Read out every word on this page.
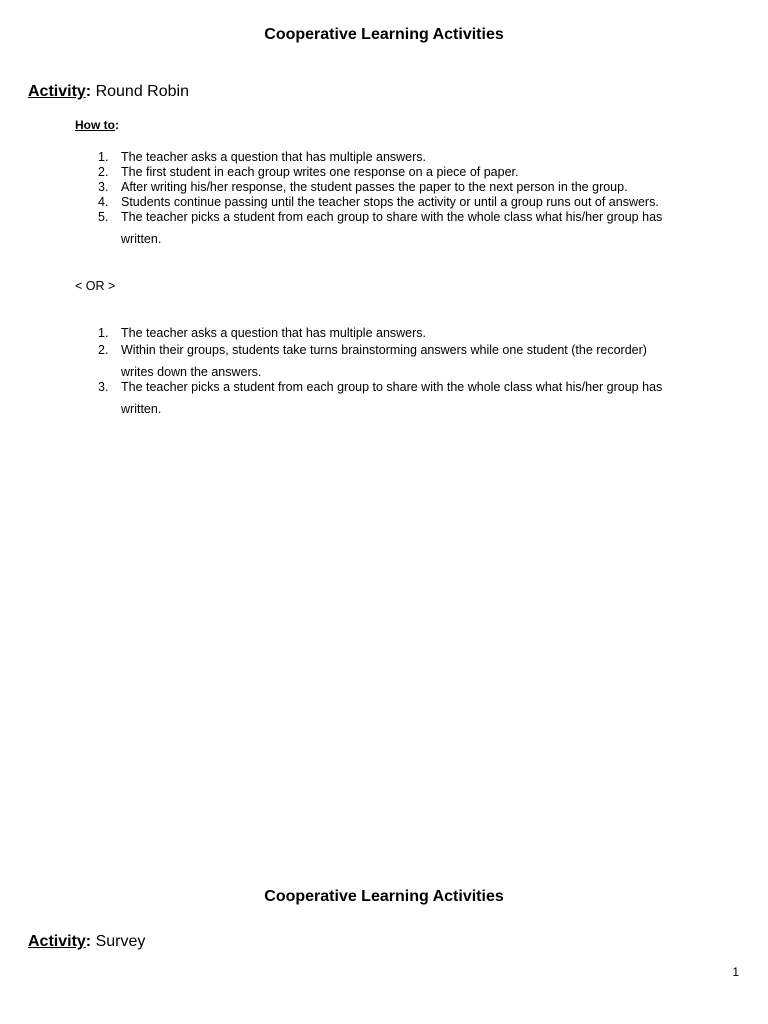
Cooperative Learning Activities
Activity: Round Robin
How to:
1. The teacher asks a question that has multiple answers.
2. The first student in each group writes one response on a piece of paper.
3. After writing his/her response, the student passes the paper to the next person in the group.
4. Students continue passing until the teacher stops the activity or until a group runs out of answers.
5. The teacher picks a student from each group to share with the whole class what his/her group has
written.
< OR >
1. The teacher asks a question that has multiple answers.
2. Within their groups, students take turns brainstorming answers while one student (the recorder)
writes down the answers.
3. The teacher picks a student from each group to share with the whole class what his/her group has
written.
Cooperative Learning Activities
Activity: Survey
1
